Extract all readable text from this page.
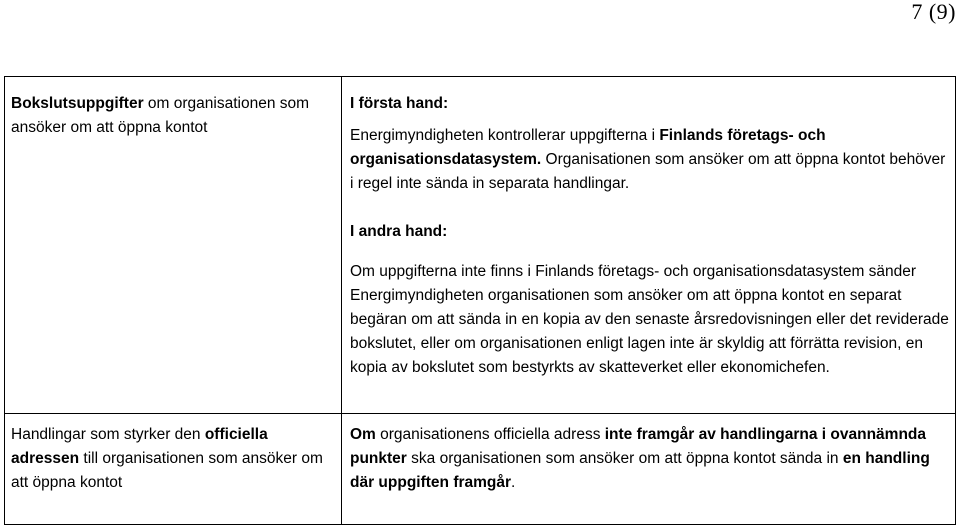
7 (9)
Bokslutsuppgifter om organisationen som ansöker om att öppna kontot	I första hand:

Energimyndigheten kontrollerar uppgifterna i Finlands företags- och organisationsdatasystem. Organisationen som ansöker om att öppna kontot behöver i regel inte sända in separata handlingar.

I andra hand:

Om uppgifterna inte finns i Finlands företags- och organisationsdatasystem sänder Energimyndigheten organisationen som ansöker om att öppna kontot en separat begäran om att sända in en kopia av den senaste årsredovisningen eller det reviderade bokslutet, eller om organisationen enligt lagen inte är skyldig att förrätta revision, en kopia av bokslutet som bestyrkts av skatteverket eller ekonomichefen.

Handlingar som styrker den officiella adressen till organisationen som ansöker om att öppna kontot	Om organisationens officiella adress inte framgår av handlingarna i ovannämnda punkter ska organisationen som ansöker om att öppna kontot sända in en handling där uppgiften framgår.
